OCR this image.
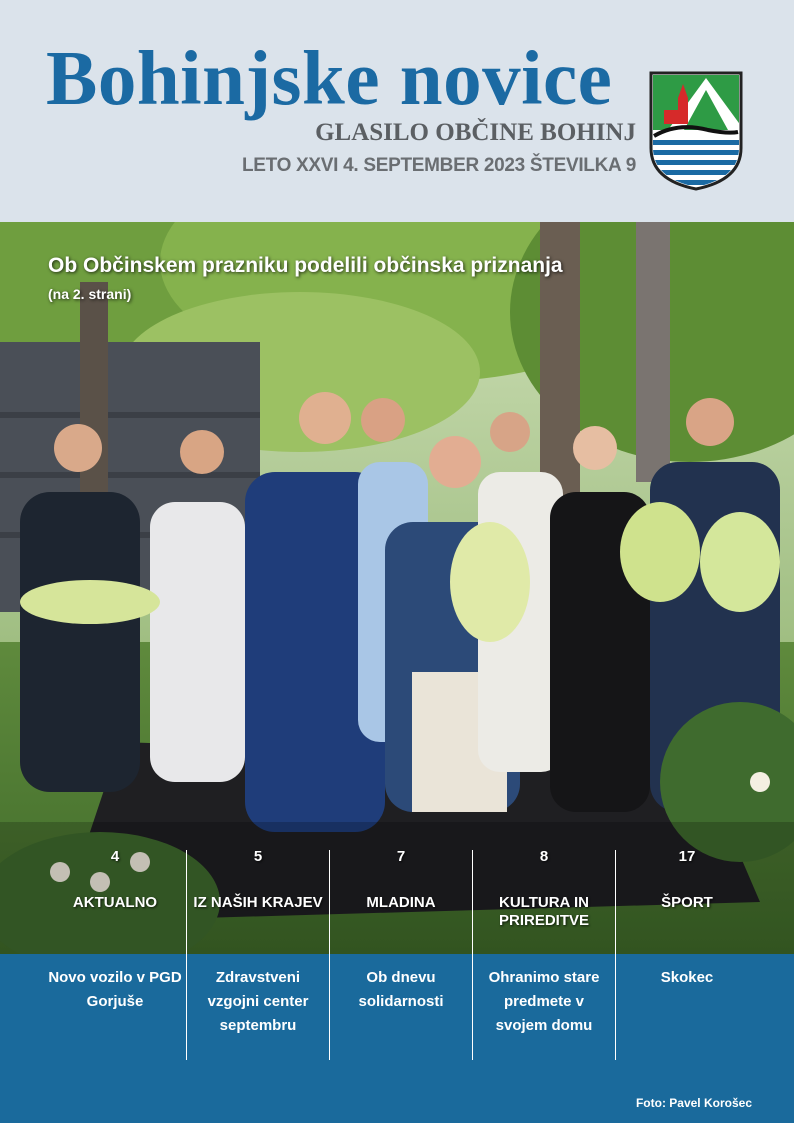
Bohinjske novice
GLASILO OBČINE BOHINJ
LETO XXVI 4. SEPTEMBER 2023 ŠTEVILKA 9
Ob Občinskem prazniku podelili občinska priznanja
(na 2. strani)
4
AKTUALNO
Novo vozilo v PGD Gorjuše
5
IZ NAŠIH KRAJEV
Zdravstveni vzgojni center septembru
7
MLADINA
Ob dnevu solidarnosti
8
KULTURA IN PRIREDITVE
Ohranimo stare predmete v svojem domu
17
ŠPORT
Skokec
Foto: Pavel Korošec
